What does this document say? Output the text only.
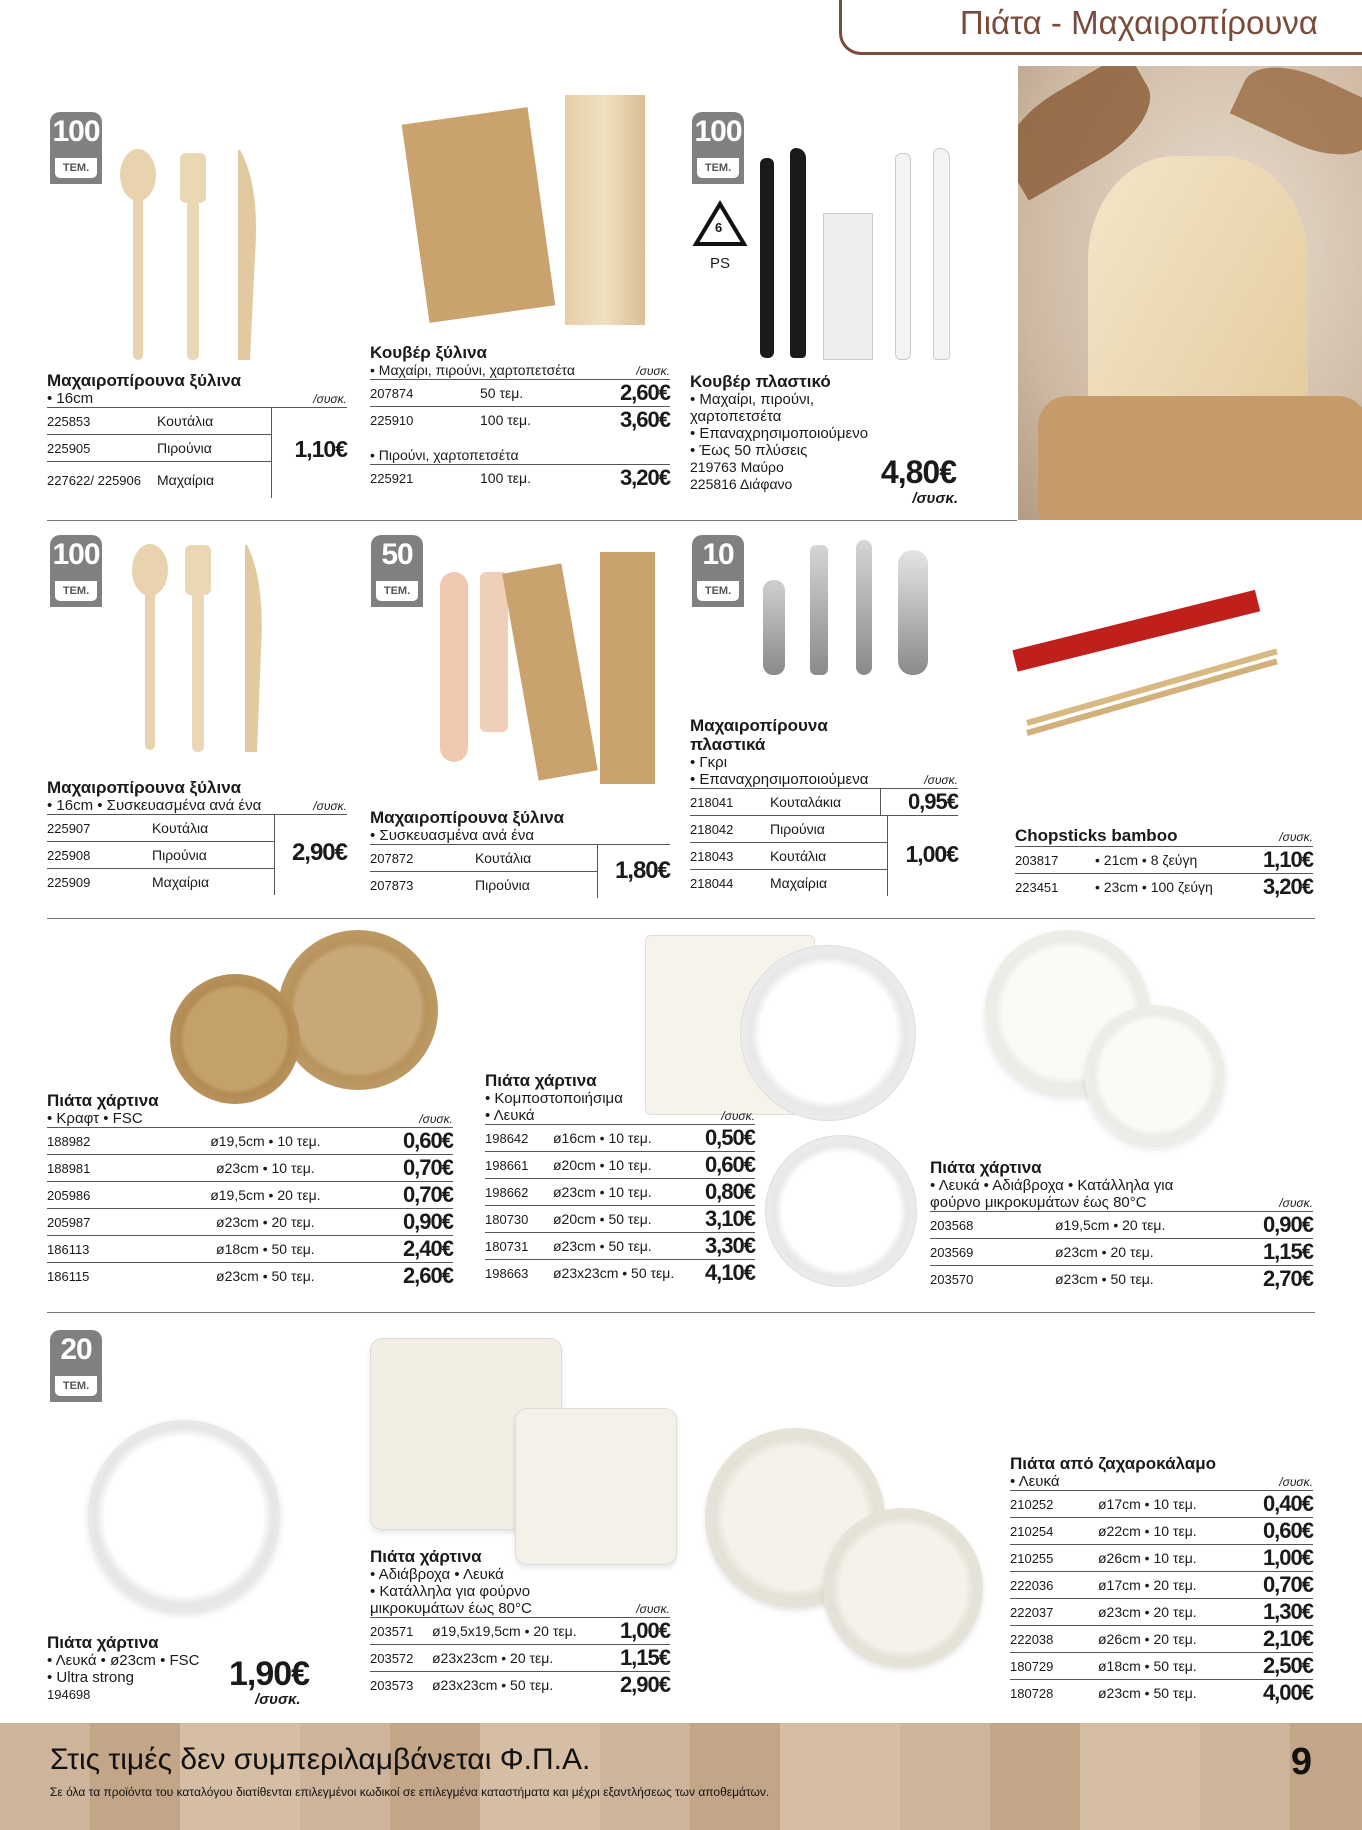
Πιάτα - Μαχαιροπίρουνα
100
ΤΕΜ.
Μαχαιροπίρουνα ξύλινα
• 16cm	/συσκ.
225853	Κουτάλια
225905	Πιρούνια
227622/ 225906	Μαχαίρια
1,10€
Κουβέρ ξύλινα
• Μαχαίρι, πιρούνι, χαρτοπετσέτα	/συσκ.
207874	50 τεμ.	2,60€
225910	100 τεμ.	3,60€
• Πιρούνι, χαρτοπετσέτα
225921	100 τεμ.	3,20€
100
ΤΕΜ.
6
PS
Κουβέρ πλαστικό
• Μαχαίρι, πιρούνι,
χαρτοπετσέτα
• Επαναχρησιμοποιούμενο
• Έως 50 πλύσεις
219763 Μαύρο
225816 Διάφανο	4,80€
/συσκ.
100
ΤΕΜ.
Μαχαιροπίρουνα ξύλινα
• 16cm • Συσκευασμένα ανά ένα	/συσκ.
225907	Κουτάλια
225908	Πιρούνια
225909	Μαχαίρια
2,90€
50
ΤΕΜ.
Μαχαιροπίρουνα ξύλινα
• Συσκευασμένα ανά ένα
207872	Κουτάλια
207873	Πιρούνια
1,80€
10
ΤΕΜ.
Μαχαιροπίρουνα
πλαστικά
• Γκρι
• Επαναχρησιμοποιούμενα	/συσκ.
218041	Κουταλάκια	0,95€
218042	Πιρούνια
218043	Κουτάλια
218044	Μαχαίρια
1,00€
Chopsticks bamboo	/συσκ.
203817	• 21cm • 8 ζεύγη	1,10€
223451	• 23cm • 100 ζεύγη	3,20€
Πιάτα χάρτινα
• Κραφτ • FSC	/συσκ.
188982	ø19,5cm • 10 τεμ.	0,60€
188981	ø23cm • 10 τεμ.	0,70€
205986	ø19,5cm • 20 τεμ.	0,70€
205987	ø23cm • 20 τεμ.	0,90€
186113	ø18cm • 50 τεμ.	2,40€
186115	ø23cm • 50 τεμ.	2,60€
Πιάτα χάρτινα
• Κομποστοποιήσιμα
• Λευκά	/συσκ.
198642	ø16cm • 10 τεμ.	0,50€
198661	ø20cm • 10 τεμ.	0,60€
198662	ø23cm • 10 τεμ.	0,80€
180730	ø20cm • 50 τεμ.	3,10€
180731	ø23cm • 50 τεμ.	3,30€
198663	ø23x23cm • 50 τεμ.	4,10€
Πιάτα χάρτινα
• Λευκά • Αδιάβροχα • Κατάλληλα για
φούρνο μικροκυμάτων έως 80°C	/συσκ.
203568	ø19,5cm • 20 τεμ.	0,90€
203569	ø23cm • 20 τεμ.	1,15€
203570	ø23cm • 50 τεμ.	2,70€
20
ΤΕΜ.
Πιάτα χάρτινα
• Λευκά • ø23cm • FSC
• Ultra strong
194698
1,90€
/συσκ.
Πιάτα χάρτινα
• Αδιάβροχα • Λευκά
• Κατάλληλα για φούρνο
μικροκυμάτων έως 80°C	/συσκ.
203571	ø19,5x19,5cm • 20 τεμ.	1,00€
203572	ø23x23cm • 20 τεμ.	1,15€
203573	ø23x23cm • 50 τεμ.	2,90€
Πιάτα από ζαχαροκάλαμο
• Λευκά	/συσκ.
210252	ø17cm • 10 τεμ.	0,40€
210254	ø22cm • 10 τεμ.	0,60€
210255	ø26cm • 10 τεμ.	1,00€
222036	ø17cm • 20 τεμ.	0,70€
222037	ø23cm • 20 τεμ.	1,30€
222038	ø26cm • 20 τεμ.	2,10€
180729	ø18cm • 50 τεμ.	2,50€
180728	ø23cm • 50 τεμ.	4,00€
Στις τιμές δεν συμπεριλαμβάνεται Φ.Π.Α.
Σε όλα τα προϊόντα του καταλόγου διατίθενται επιλεγμένοι κωδικοί σε επιλεγμένα καταστήματα και μέχρι εξαντλήσεως των αποθεμάτων.
9
